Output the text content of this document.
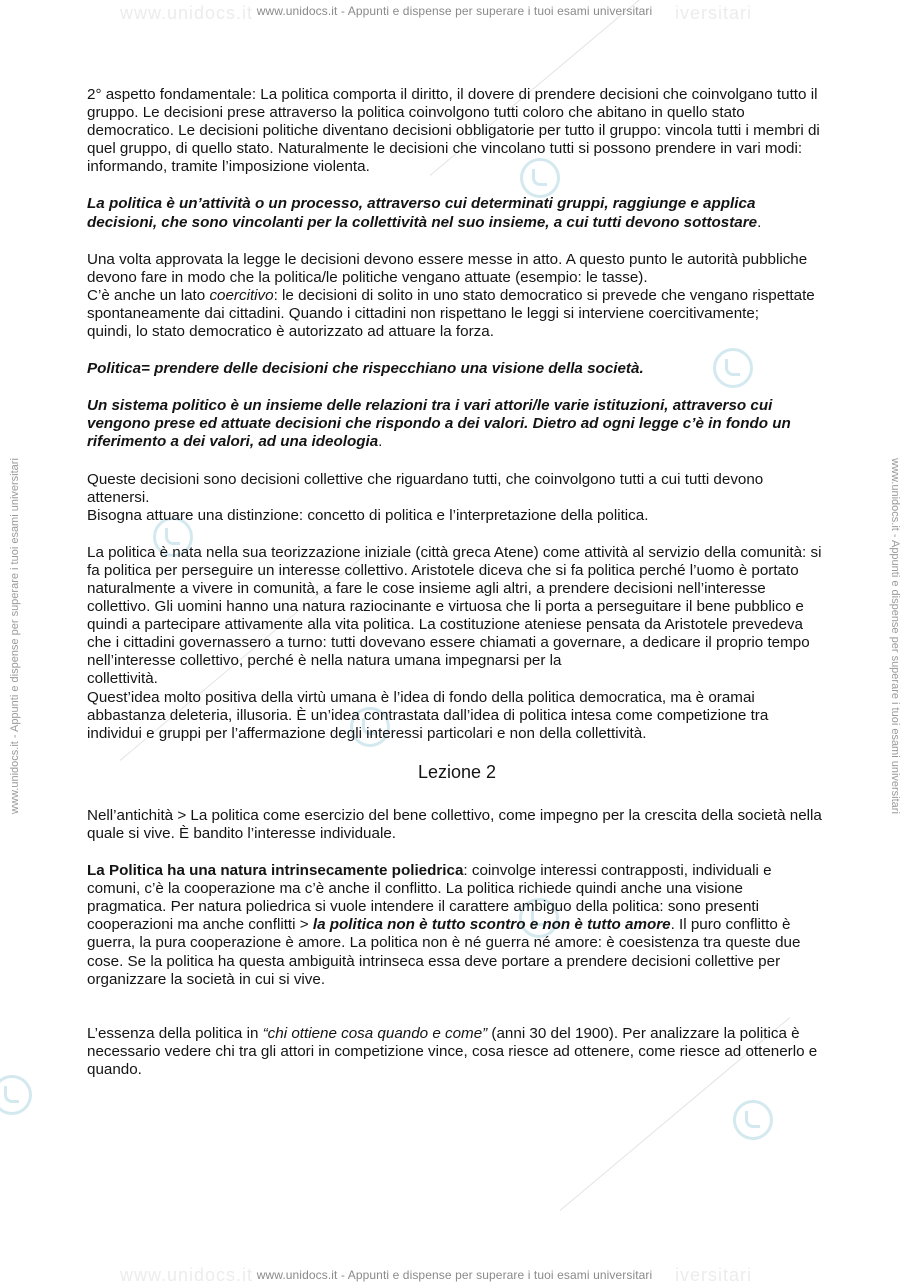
www.unidocs.it	iversitari
www.unidocs.it	iversitari
www.unidocs.it - Appunti e dispense per superare i tuoi esami universitari
www.unidocs.it - Appunti e dispense per superare i tuoi esami universitari
www.unidocs.it - Appunti e dispense per superare i tuoi esami universitari	www.unidocs.it - Appunti e dispense per superare i tuoi esami universitari

2° aspetto fondamentale: La politica comporta il diritto, il dovere di prendere decisioni che coinvolgano tutto il gruppo. Le decisioni prese attraverso la politica coinvolgono tutti coloro che abitano in quello stato democratico. Le decisioni politiche diventano decisioni obbligatorie per tutto il gruppo: vincola tutti i membri di quel gruppo, di quello stato. Naturalmente le decisioni che vincolano tutti si possono prendere in vari modi: informando, tramite l’imposizione violenta.

La politica è un’attività o un processo, attraverso cui determinati gruppi, raggiunge e applica decisioni, che sono vincolanti per la collettività nel suo insieme, a cui tutti devono sottostare.

Una volta approvata la legge le decisioni devono essere messe in atto. A questo punto le autorità pubbliche devono fare in modo che la politica/le politiche vengano attuate (esempio: le tasse).
C’è anche un lato coercitivo: le decisioni di solito in uno stato democratico si prevede che vengano rispettate spontaneamente dai cittadini. Quando i cittadini non rispettano le leggi si interviene coercitivamente;
quindi, lo stato democratico è autorizzato ad attuare la forza.

Politica= prendere delle decisioni che rispecchiano una visione della società.

Un sistema politico è un insieme delle relazioni tra i vari attori/le varie istituzioni, attraverso cui vengono prese ed attuate decisioni che rispondo a dei valori. Dietro ad ogni legge c’è in fondo un riferimento a dei valori, ad una ideologia.

Queste decisioni sono decisioni collettive che riguardano tutti, che coinvolgono tutti a cui tutti devono attenersi.
Bisogna attuare una distinzione: concetto di politica e l’interpretazione della politica.
La politica è nata nella sua teorizzazione iniziale (città greca Atene) come attività al servizio della comunità: si fa politica per perseguire un interesse collettivo. Aristotele diceva che si fa politica perché l’uomo è portato naturalmente a vivere in comunità, a fare le cose insieme agli altri, a prendere decisioni nell’interesse collettivo. Gli uomini hanno una natura raziocinante e virtuosa che li porta a perseguitare il bene pubblico e quindi a partecipare attivamente alla vita politica. La costituzione ateniese pensata da Aristotele prevedeva che i cittadini governassero a turno: tutti dovevano essere chiamati a governare, a dedicare il proprio tempo nell’interesse collettivo, perché è nella natura umana impegnarsi per la
collettività.
Quest’idea molto positiva della virtù umana è l’idea di fondo della politica democratica, ma è oramai abbastanza deleteria, illusoria. È un’idea contrastata dall’idea di politica intesa come competizione tra individui e gruppi per l’affermazione degli interessi particolari e non della collettività.
Lezione 2

Nell’antichità > La politica come esercizio del bene collettivo, come impegno per la crescita della società nella quale si vive. È bandito l’interesse individuale.

La Politica ha una natura intrinsecamente poliedrica: coinvolge interessi contrapposti, individuali e comuni, c’è la cooperazione ma c’è anche il conflitto. La politica richiede quindi anche una visione pragmatica. Per natura poliedrica si vuole intendere il carattere ambiguo della politica: sono presenti cooperazioni ma anche conflitti > la politica non è tutto scontro e non è tutto amore. Il puro conflitto è guerra, la pura cooperazione è amore. La politica non è né guerra né amore: è coesistenza tra queste due cose. Se la politica ha questa ambiguità intrinseca essa deve portare a prendere decisioni collettive per organizzare la società in cui si vive.

L’essenza della politica in “chi ottiene cosa quando e come” (anni 30 del 1900). Per analizzare la politica è necessario vedere chi tra gli attori in competizione vince, cosa riesce ad ottenere, come riesce ad ottenerlo e quando.
